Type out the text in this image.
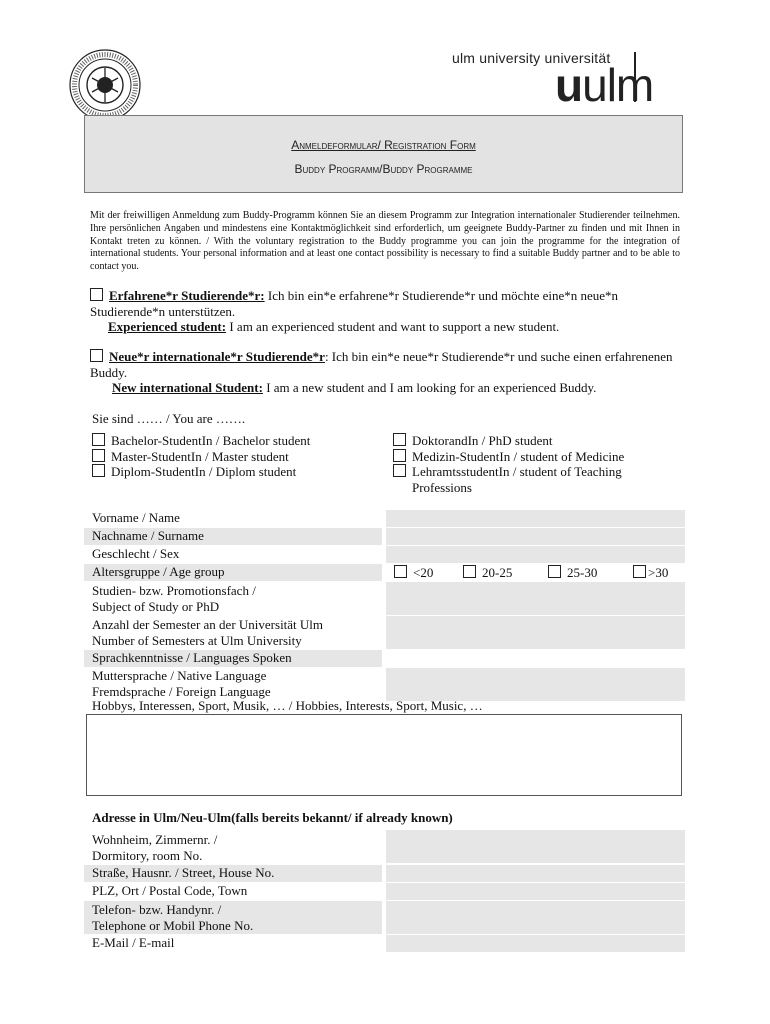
ulm university universität
uulm
Anmeldeformular/ Registration Form
Buddy Programm/Buddy Programme
Mit der freiwilligen Anmeldung zum Buddy-Programm können Sie an diesem Programm zur Integration internationaler Studierender teilnehmen. Ihre persönlichen Angaben und mindestens eine Kontaktmöglichkeit sind erforderlich, um geeignete Buddy-Partner zu finden und mit Ihnen in Kontakt treten zu können. / With the voluntary registration to the Buddy programme you can join the programme for the integration of international students. Your personal information and at least one contact possibility is necessary to find a suitable Buddy partner and to be able to contact you.
Erfahrene*r Studierende*r: Ich bin ein*e erfahrene*r Studierende*r und möchte eine*n neue*n Studierende*n unterstützen.
Experienced student: I am an experienced student and want to support a new student.
Neue*r internationale*r Studierende*r: Ich bin ein*e neue*r Studierende*r und suche einen erfahrenenen Buddy.
New international Student: I am a new student and I am looking for an experienced Buddy.
Sie sind …… / You are …….
Bachelor-StudentIn / Bachelor student
Master-StudentIn / Master student
Diplom-StudentIn / Diplom student
DoktorandIn / PhD student
Medizin-StudentIn / student of Medicine
LehramtsstudentIn / student of Teaching Professions
Vorname / Name
Nachname / Surname
Geschlecht / Sex
Altersgruppe / Age group	<20	20-25	25-30	>30
Studien- bzw. Promotionsfach /
Subject of Study or PhD
Anzahl der Semester an der Universität Ulm
Number of Semesters at Ulm University
Sprachkenntnisse / Languages Spoken
Muttersprache / Native Language
Fremdsprache / Foreign Language
Hobbys, Interessen, Sport, Musik, … / Hobbies, Interests, Sport, Music, …
Adresse in Ulm/Neu-Ulm(falls bereits bekannt/ if already known)
Wohnheim, Zimmernr. /
Dormitory, room No.
Straße, Hausnr. / Street, House No.
PLZ, Ort / Postal Code, Town
Telefon- bzw. Handynr. /
Telephone or Mobil Phone No.
E-Mail / E-mail
